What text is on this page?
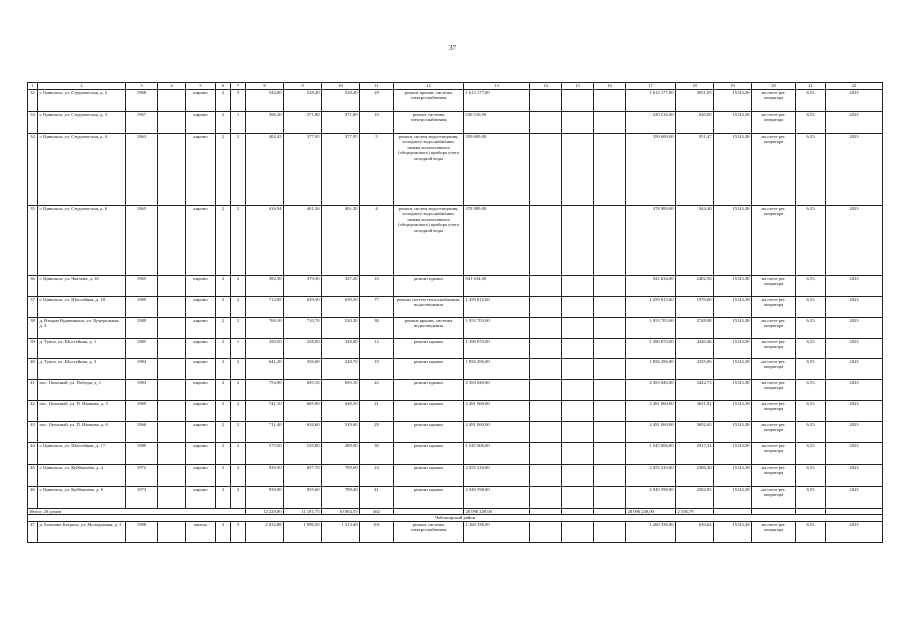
37
1	2	3	4	5	6	7	8	9	10	11	12	13	14	15	16	17	18	19	20	21	22
32	г. Цивильск, ул. Студенческая, д. 2	1968		кирпич	2	3	544,00	528,40	528,40	29	ремонт крыши, системы электроснабжения	1 612 177,00				1 612 177,00	3051,05	15143,38	на счете рег. оператора	6,53	2023
33	г. Цивильск, ул. Студенческая, д. 3	1967		кирпич	2	1	396,20	371,80	371,80	10	ремонт системы электроснабжения	230 516,00				230 516,00	620,00	15143,38	на счете рег. оператора	6,53	2023
34	г. Цивильск, ул. Студенческая, д. 4	1963		кирпич	2	2	402,45	377,95	377,95	5	ремонт систем водоотведения, холодного водоснабжения, замена коллективного (общедомового) прибора учета холодной воды	359 609,00				359 609,00	951,47	15143,38	на счете рег. оператора	6,53	2023
35	г. Цивильск, ул. Студенческая, д. 6	1965		кирпич	2	2	416,94	401,30	401,30	4	ремонт систем водоотведения, холодного водоснабжения, замена коллективного (общедомового) прибора учета холодной воды	378 989,00				378 989,00	944,40	15143,38	на счете рег. оператора	6,53	2023
36	г. Цивильск, ул. Чкалова, д. 10	1965		кирпич	2	2	392,50	379,30	327,20	16	ремонт крыши	941 634,00				941 634,00	2482,56	15143,38	на счете рег. оператора	6,53	2023
37	г. Цивильск, ул. Шоссейная, д. 18	1989		кирпич	2	2	714,09	639,50	639,50	77	ремонт систем теплоснабжения, водоотведения	1 259 815,00				1 259 815,00	1970,00	15143,38	на счете рег. оператора	6,53	2023
38	д. Вторые Вурманкасы, ул. Центральная, д. 3	1989		кирпич	2	2	769,10	710,70	520,30	38	ремонт крыши, системы водоотведения	1 953 703,00				1 953 703,00	2748,98	15143,38	на счете рег. оператора	6,53	2023
39	д. Тувси, ул. Шоссейная, д. 1	1985		кирпич	2	1	350,50	328,00	328,00	12	ремонт крыши	1 390 870,00				1 390 870,00	4240,46	15143,38	на счете рег. оператора	6,53	2023
40	д. Тувси, ул. Шоссейная, д. 3	1984		кирпич	2	2	641,20	556,60	320,70	19	ремонт крыши	1 856 296,00				1 856 296,00	3335,06	15143,38	на счете рег. оператора	6,53	2023
41	пос. Опытный, ул. Победы, д. 1	1983		кирпич	2	2	754,90	695,10	695,10	22	ремонт крыши	2 393 040,00				2 393 040,00	3442,73	15143,38	на счете рег. оператора	6,53	2023
42	пос. Опытный, ул. П. Иванова, д. 3	1969		кирпич	2	2	741,10	685,90	648,50	21	ремонт крыши	2 491 060,00				2 491 060,00	3631,81	15143,38	на счете рег. оператора	6,53	2023
43	пос. Опытный, ул. П. Иванова, д. 6	1966		кирпич	2	2	711,40	634,60	519,60	28	ремонт крыши	2 491 060,00				2 491 060,00	3692,65	15143,38	на счете рег. оператора	6,53	2023
44	г. Цивильск, ул. Шоссейная, д. 17	1989		кирпич	2	2	575,50	529,80	289,90	30	ремонт крыши	1 545 606,00				1 545 606,00	2917,34	15143,38	на счете рег. оператора	6,53	2023
45	г. Цивильск, ул. Куйбышева, д. 4	1972		кирпич	2	3	939,50	857,70	789,60	24	ремонт крыши	2 055 310,00				2 055 310,00	2396,30	15143,38	на счете рег. оператора	6,53	2023
46	г. Цивильск, ул. Куйбышева, д. 6	1973		кирпич	2	3	939,00	855,60	789,40	41	ремонт крыши	2 049 598,00				2 049 598,00	2394,95	15143,38	на счете рег. оператора	6,53	2023
Итого: 20 домов							12 229,80	11 181,75	10 004,55	462		28 096 249,00				28 096 249,00	2 536,79				
Чебоксарский район																					
47	д. Большие Катраси, ул. Молодежная, д. 3	1988		панель	3	3	2 032,88	1 996,50	1 313,40	101	ремонт системы электроснабжения	1 260 336,00				1 260 336,00	630,64	15143,38	на счете рег. оператора	6,53	2023
